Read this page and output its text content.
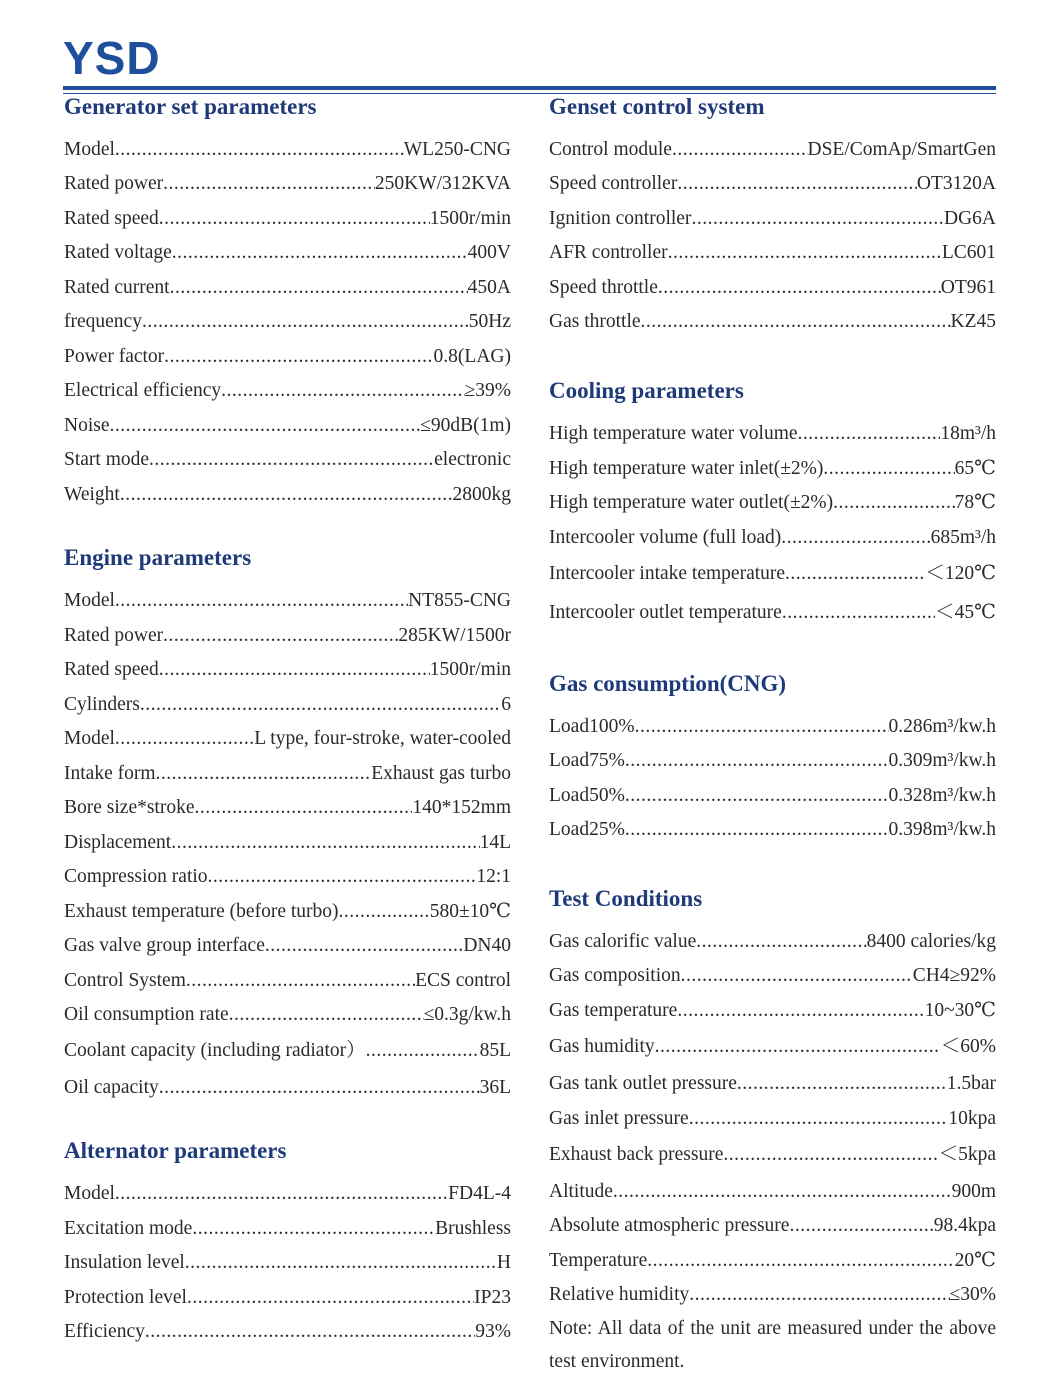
YSD
Generator set parameters
Model .....	WL250-CNG
Rated power .....	250KW/312KVA
Rated speed .....	1500r/min
Rated voltage .....	400V
Rated current .....	450A
frequency .....	50Hz
Power factor .....	0.8(LAG)
Electrical efficiency .....	≥39%
Noise .....	≤90dB(1m)
Start mode .....	electronic
Weight .....	2800kg
Engine parameters
Model .....	NT855-CNG
Rated power .....	285KW/1500r
Rated speed .....	1500r/min
Cylinders .....	6
Model .....	L type, four-stroke, water-cooled
Intake form .....	Exhaust gas turbo
Bore size*stroke .....	140*152mm
Displacement .....	14L
Compression ratio .....	12:1
Exhaust temperature (before turbo) .....	580±10℃
Gas valve group interface .....	DN40
Control System .....	ECS control
Oil consumption rate .....	≤0.3g/kw.h
Coolant capacity (including radiator） .....	85L
Oil capacity .....	36L
Alternator parameters
Model .....	FD4L-4
Excitation mode .....	Brushless
Insulation level .....	H
Protection level .....	IP23
Efficiency .....	93%
Genset control system
Control module .....	DSE/ComAp/SmartGen
Speed controller .....	OT3120A
Ignition controller .....	DG6A
AFR controller .....	LC601
Speed throttle .....	OT961
Gas throttle .....	KZ45
Cooling parameters
High temperature water volume .....	18m³/h
High temperature water inlet(±2%) .....	65℃
High temperature water outlet(±2%) .....	78℃
Intercooler volume (full load) .....	685m³/h
Intercooler intake temperature .....	＜120℃
Intercooler outlet temperature .....	＜45℃
Gas consumption(CNG)
Load100% .....	0.286m³/kw.h
Load75% .....	0.309m³/kw.h
Load50% .....	0.328m³/kw.h
Load25% .....	0.398m³/kw.h
Test Conditions
Gas calorific value .....	8400 calories/kg
Gas composition .....	CH4≥92%
Gas temperature .....	10~30℃
Gas humidity .....	＜60%
Gas tank outlet pressure .....	1.5bar
Gas inlet pressure .....	10kpa
Exhaust back pressure .....	＜5kpa
Altitude .....	900m
Absolute atmospheric pressure .....	98.4kpa
Temperature .....	20℃
Relative humidity .....	≤30%
Note: All data of the unit are measured under the above test environment.
